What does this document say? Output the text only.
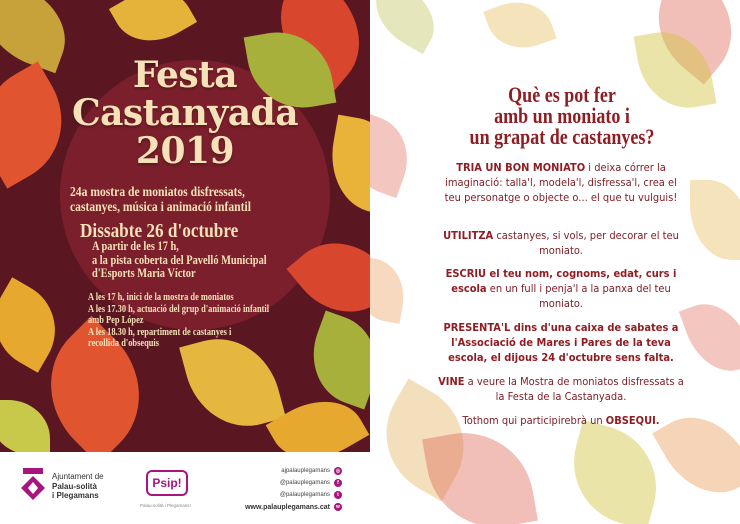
Festa
Castanyada
2019
24a mostra de moniatos disfressats,
castanyes, música i animació infantil
Dissabte 26 d'octubre
A partir de les 17 h,
a la pista coberta del Pavelló Municipal
d'Esports Maria Víctor
A les 17 h, inici de la mostra de moniatos
A les 17.30 h, actuació del grup d'animació infantil
amb Pep López
A les 18.30 h, repartiment de castanyes i
recollida d'obsequis
Ajuntament de
Palau-solità
i Plegamans
Psip!
Palau-solità i Plegamans!
ajpalauplegamans	◎
@palauplegamans	f
@palauplegamans	t
www.palauplegamans.cat	w
Què es pot fer
amb un moniato i
un grapat de castanyes?
TRIA UN BON MONIATO i deixa córrer la imaginació: talla'l, modela'l, disfressa'l, crea el teu personatge o objecte o... el que tu vulguis!
UTILITZA castanyes, si vols, per decorar el teu moniato.
ESCRIU el teu nom, cognoms, edat, curs i escola en un full i penja'l a la panxa del teu moniato.
PRESENTA'L dins d'una caixa de sabates a l'Associació de Mares i Pares de la teva escola, el dijous 24 d'octubre sens falta.
VINE a veure la Mostra de moniatos disfressats a la Festa de la Castanyada.
Tothom qui participirebrà un OBSEQUI.
